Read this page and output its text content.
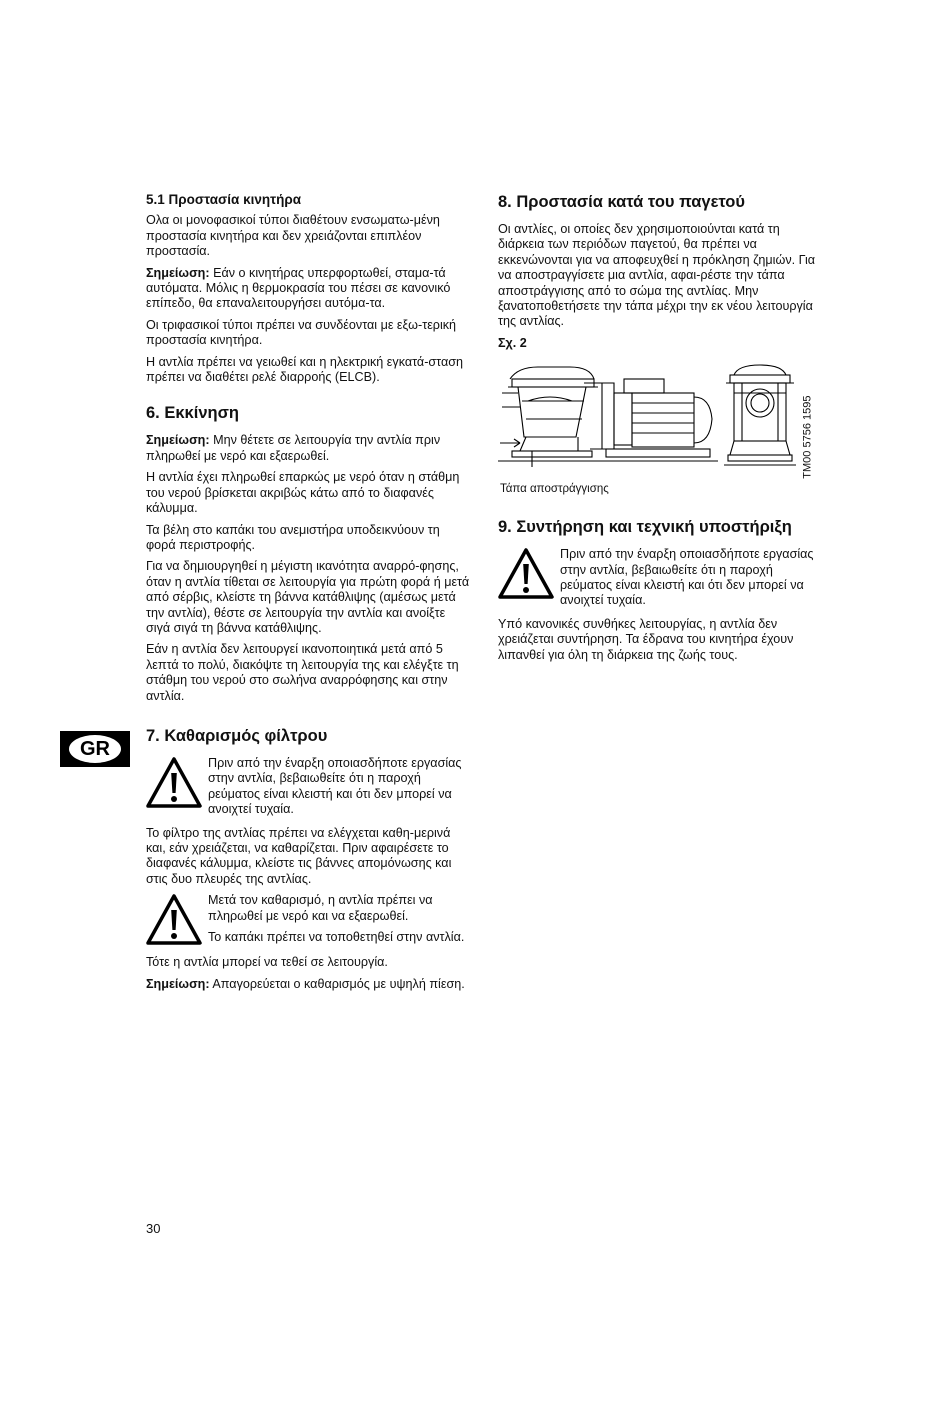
5.1 Προστασία κινητήρα

Ολα οι μονοφασικοί τύποι διαθέτουν ενσωματω-μένη προστασία κινητήρα και δεν χρειάζονται επιπλέον προστασία.

Σημείωση: Εάν ο κινητήρας υπερφορτωθεί, σταμα-τά αυτόματα. Μόλις η θερμοκρασία του πέσει σε κανονικό επίπεδο, θα επαναλειτουργήσει αυτόμα-τα.

Οι τριφασικοί τύποι πρέπει να συνδέονται με εξω-τερική προστασία κινητήρα.

Η αντλία πρέπει να γειωθεί και η ηλεκτρική εγκατά-σταση πρέπει να διαθέτει ρελέ διαρροής (ELCB).

6. Εκκίνηση

Σημείωση: Μην θέτετε σε λειτουργία την αντλία πριν πληρωθεί με νερό και εξαερωθεί.

Η αντλία έχει πληρωθεί επαρκώς με νερό όταν η στάθμη του νερού βρίσκεται ακριβώς κάτω από το διαφανές κάλυμμα.

Τα βέλη στο καπάκι του ανεμιστήρα υποδεικνύουν τη φορά περιστροφής.

Για να δημιουργηθεί η μέγιστη ικανότητα αναρρό-φησης, όταν η αντλία τίθεται σε λειτουργία για πρώτη φορά ή μετά από σέρβις, κλείστε τη βάννα κατάθλιψης (αμέσως μετά την αντλία), θέστε σε λειτουργία την αντλία και ανοίξτε σιγά σιγά τη βάννα κατάθλιψης.

Εάν η αντλία δεν λειτουργεί ικανοποιητικά μετά από 5 λεπτά το πολύ, διακόψτε τη λειτουργία της και ελέγξτε τη στάθμη του νερού στο σωλήνα αναρρόφησης και στην αντλία.

7. Καθαρισμός φίλτρου
Πριν από την έναρξη οποιασδήποτε εργασίας στην αντλία, βεβαιωθείτε ότι η παροχή ρεύματος είναι κλειστή και ότι δεν μπορεί να ανοιχτεί τυχαία.

Το φίλτρο της αντλίας πρέπει να ελέγχεται καθη-μερινά και, εάν χρειάζεται, να καθαρίζεται. Πριν αφαιρέσετε το διαφανές κάλυμμα, κλείστε τις βάννες απομόνωσης και στις δυο πλευρές της αντλίας.

Μετά τον καθαρισμό, η αντλία πρέπει να πληρωθεί με νερό και να εξαερωθεί.

Το καπάκι πρέπει να τοποθετηθεί στην αντλία.

Τότε η αντλία μπορεί να τεθεί σε λειτουργία.

Σημείωση: Απαγορεύεται ο καθαρισμός με υψηλή πίεση.

8. Προστασία κατά του παγετού

Οι αντλίες, οι οποίες δεν χρησιμοποιούνται κατά τη διάρκεια των περιόδων παγετού, θα πρέπει να εκκενώνονται για να αποφευχθεί η πρόκληση ζημιών. Για να αποστραγγίσετε μια αντλία, αφαι-ρέστε την τάπα αποστράγγισης από το σώμα της αντλίας. Μην ξανατοποθετήσετε την τάπα μέχρι την εκ νέου λειτουργία της αντλίας.

Σχ. 2

Τάπα αποστράγγισης
TM00 5756 1595
9. Συντήρηση και τεχνική υποστήριξη
Πριν από την έναρξη οποιασδήποτε εργασίας στην αντλία, βεβαιωθείτε ότι η παροχή ρεύματος είναι κλειστή και ότι δεν μπορεί να ανοιχτεί τυχαία.

Υπό κανονικές συνθήκες λειτουργίας, η αντλία δεν χρειάζεται συντήρηση. Τα έδρανα του κινητήρα έχουν λιπανθεί για όλη τη διάρκεια της ζωής τους.

GR
30
